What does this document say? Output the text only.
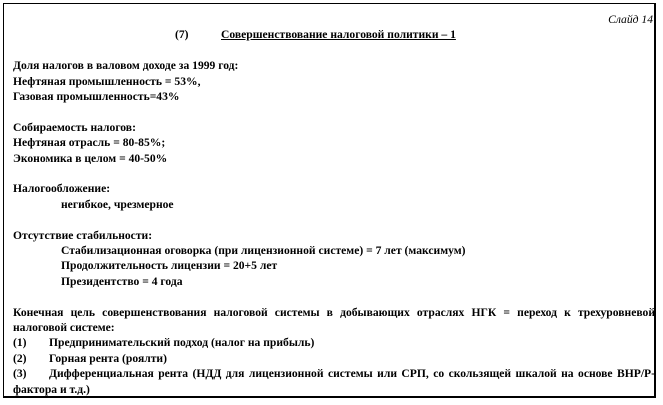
Слайд 14
(7)	Совершенствование налоговой политики – 1
Доля налогов в валовом доходе за 1999 год:
Нефтяная промышленность = 53%,
Газовая промышленность=43%
Собираемость налогов:
Нефтяная отрасль = 80-85%;
Экономика в целом = 40-50%
Налогообложение:
негибкое, чрезмерное
Отсутствие стабильности:
Стабилизационная оговорка (при лицензионной системе) = 7 лет (максимум)
Продолжительность лицензии = 20+5 лет
Президентство = 4 года
Конечная цель совершенствования налоговой системы в добывающих отраслях НГК = переход к трехуровневой налоговой системе:
(1) Предпринимательский подход (налог на прибыль)
(2) Горная рента (роялти)
(3) Дифференциальная рента (НДД для лицензионной системы или СРП, со скользящей шкалой на основе ВНР/Р-фактора и т.д.)
